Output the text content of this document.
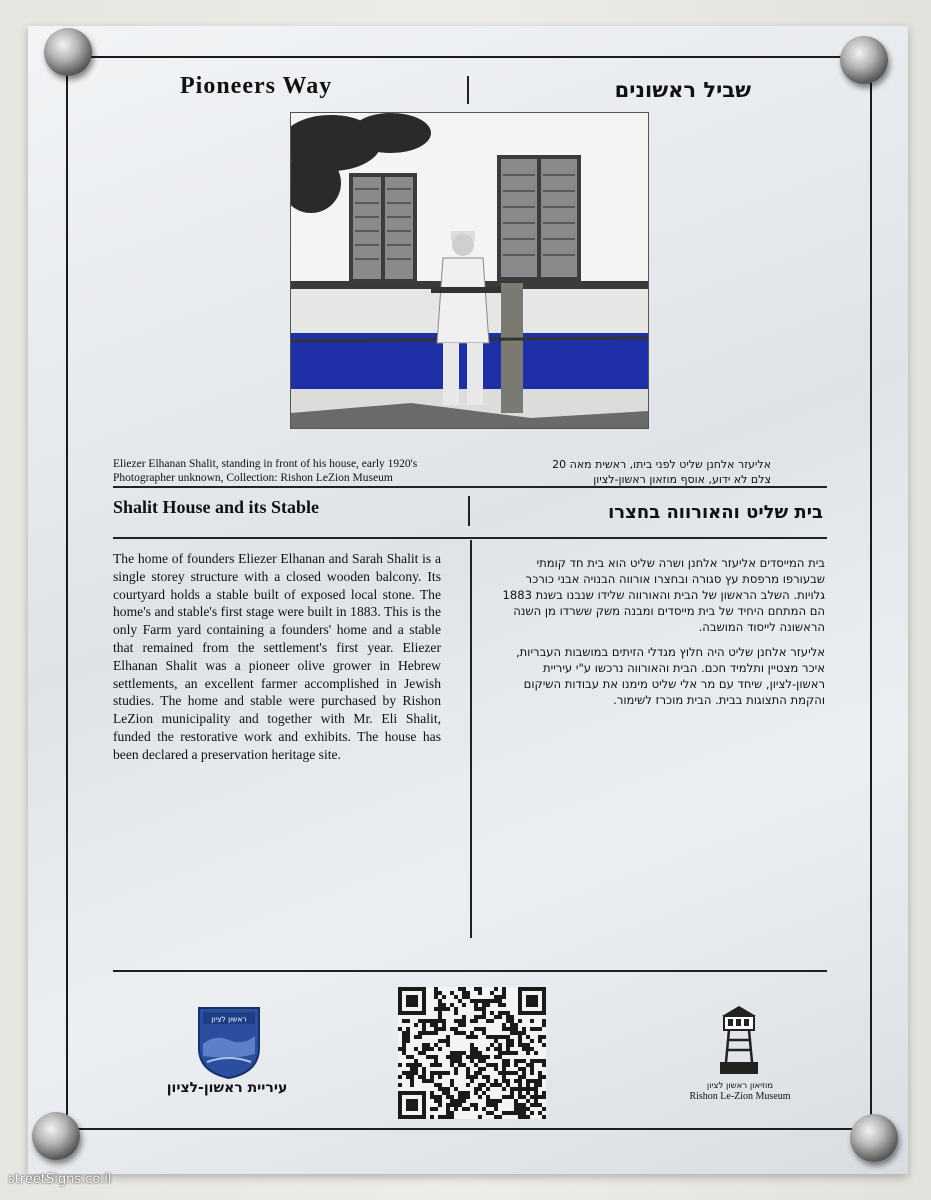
Pioneers Way	שביל ראשונים
Eliezer Elhanan Shalit, standing in front of his house, early 1920's
Photographer unknown, Collection: Rishon LeZion Museum
אליעזר אלחנן שליט לפני ביתו, ראשית מאה 20
צלם לא ידוע, אוסף מוזאון ראשון-לציון
Shalit House and its Stable	בית שליט והאורווה בחצרו
The home of founders Eliezer Elhanan and Sarah Shalit is a single storey structure with a closed wooden balcony. Its courtyard holds a stable built of exposed local stone. The home's and stable's first stage were built in 1883. This is the only Farm yard containing a founders' home and a stable that remained from the settlement's first year. Eliezer Elhanan Shalit was a pioneer olive grower in Hebrew settlements, an excellent farmer accomplished in Jewish studies. The home and stable were purchased by Rishon LeZion municipality and together with Mr. Eli Shalit, funded the restorative work and exhibits. The house has been declared a preservation heritage site.

בית המייסדים אליעזר אלחנן ושרה שליט הוא בית חד קומתי שבעורפו מרפסת עץ סגורה ובחצרו אורווה הבנויה אבני כורכר גלויות. השלב הראשון של הבית והאורווה שלידו שנבנו בשנת 1883 הם המתחם היחיד של בית מייסדים ומבנה משק ששרדו מן השנה הראשונה לייסוד המושבה.

אליעזר אלחנן שליט היה חלוץ מגדלי הזיתים במושבות העבריות, איכר מצטיין ותלמיד חכם. הבית והאורווה נרכשו ע"י עיריית ראשון-לציון, שיחד עם מר אלי שליט מימנו את עבודות השיקום והקמת התצוגות בבית. הבית מוכרז לשימור.

ראשון לציון
עיריית ראשון-לציון	מוזיאון ראשון לציון
Rishon Le-Zion Museum
streetSigns.co.il
